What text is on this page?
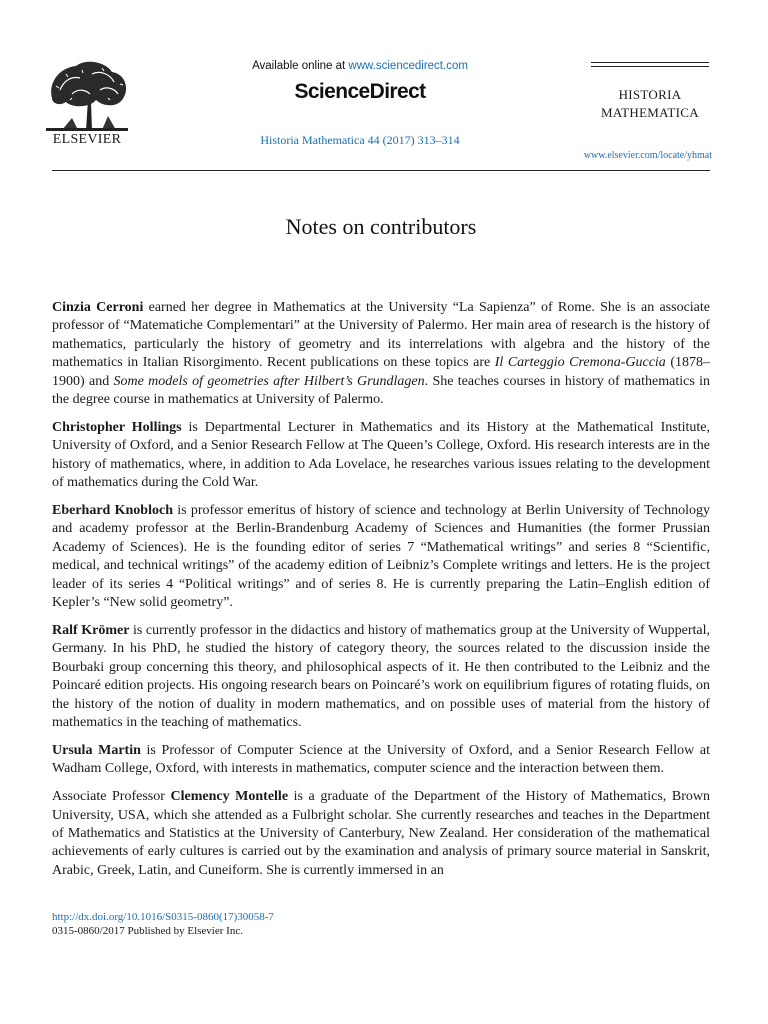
ELSEVIER
Available online at www.sciencedirect.com
ScienceDirect
Historia Mathematica 44 (2017) 313–314
HISTORIA
MATHEMATICA
www.elsevier.com/locate/yhmat
Notes on contributors

Cinzia Cerroni earned her degree in Mathematics at the University “La Sapienza” of Rome. She is an associate professor of “Matematiche Complementari” at the University of Palermo. Her main area of research is the history of mathematics, particularly the history of geometry and its interrelations with algebra and the history of the mathematics in Italian Risorgimento. Recent publications on these topics are Il Carteggio Cremona-Guccia (1878–1900) and Some models of geometries after Hilbert’s Grundlagen. She teaches courses in history of mathematics in the degree course in mathematics at University of Palermo.

Christopher Hollings is Departmental Lecturer in Mathematics and its History at the Mathematical Institute, University of Oxford, and a Senior Research Fellow at The Queen’s College, Oxford. His research interests are in the history of mathematics, where, in addition to Ada Lovelace, he researches various issues relating to the development of mathematics during the Cold War.

Eberhard Knobloch is professor emeritus of history of science and technology at Berlin University of Technology and academy professor at the Berlin-Brandenburg Academy of Sciences and Humanities (the former Prussian Academy of Sciences). He is the founding editor of series 7 “Mathematical writings” and series 8 “Scientific, medical, and technical writings” of the academy edition of Leibniz’s Complete writings and letters. He is the project leader of its series 4 “Political writings” and of series 8. He is currently preparing the Latin–English edition of Kepler’s “New solid geometry”.

Ralf Krömer is currently professor in the didactics and history of mathematics group at the University of Wuppertal, Germany. In his PhD, he studied the history of category theory, the sources related to the discussion inside the Bourbaki group concerning this theory, and philosophical aspects of it. He then contributed to the Leibniz and the Poincaré edition projects. His ongoing research bears on Poincaré’s work on equilibrium figures of rotating fluids, on the history of the notion of duality in modern mathematics, and on possible uses of material from the history of mathematics in the teaching of mathematics.

Ursula Martin is Professor of Computer Science at the University of Oxford, and a Senior Research Fellow at Wadham College, Oxford, with interests in mathematics, computer science and the interaction between them.

Associate Professor Clemency Montelle is a graduate of the Department of the History of Mathematics, Brown University, USA, which she attended as a Fulbright scholar. She currently researches and teaches in the Department of Mathematics and Statistics at the University of Canterbury, New Zealand. Her consideration of the mathematical achievements of early cultures is carried out by the examination and analysis of primary source material in Sanskrit, Arabic, Greek, Latin, and Cuneiform. She is currently immersed in an

http://dx.doi.org/10.1016/S0315-0860(17)30058-7
0315-0860/2017 Published by Elsevier Inc.
